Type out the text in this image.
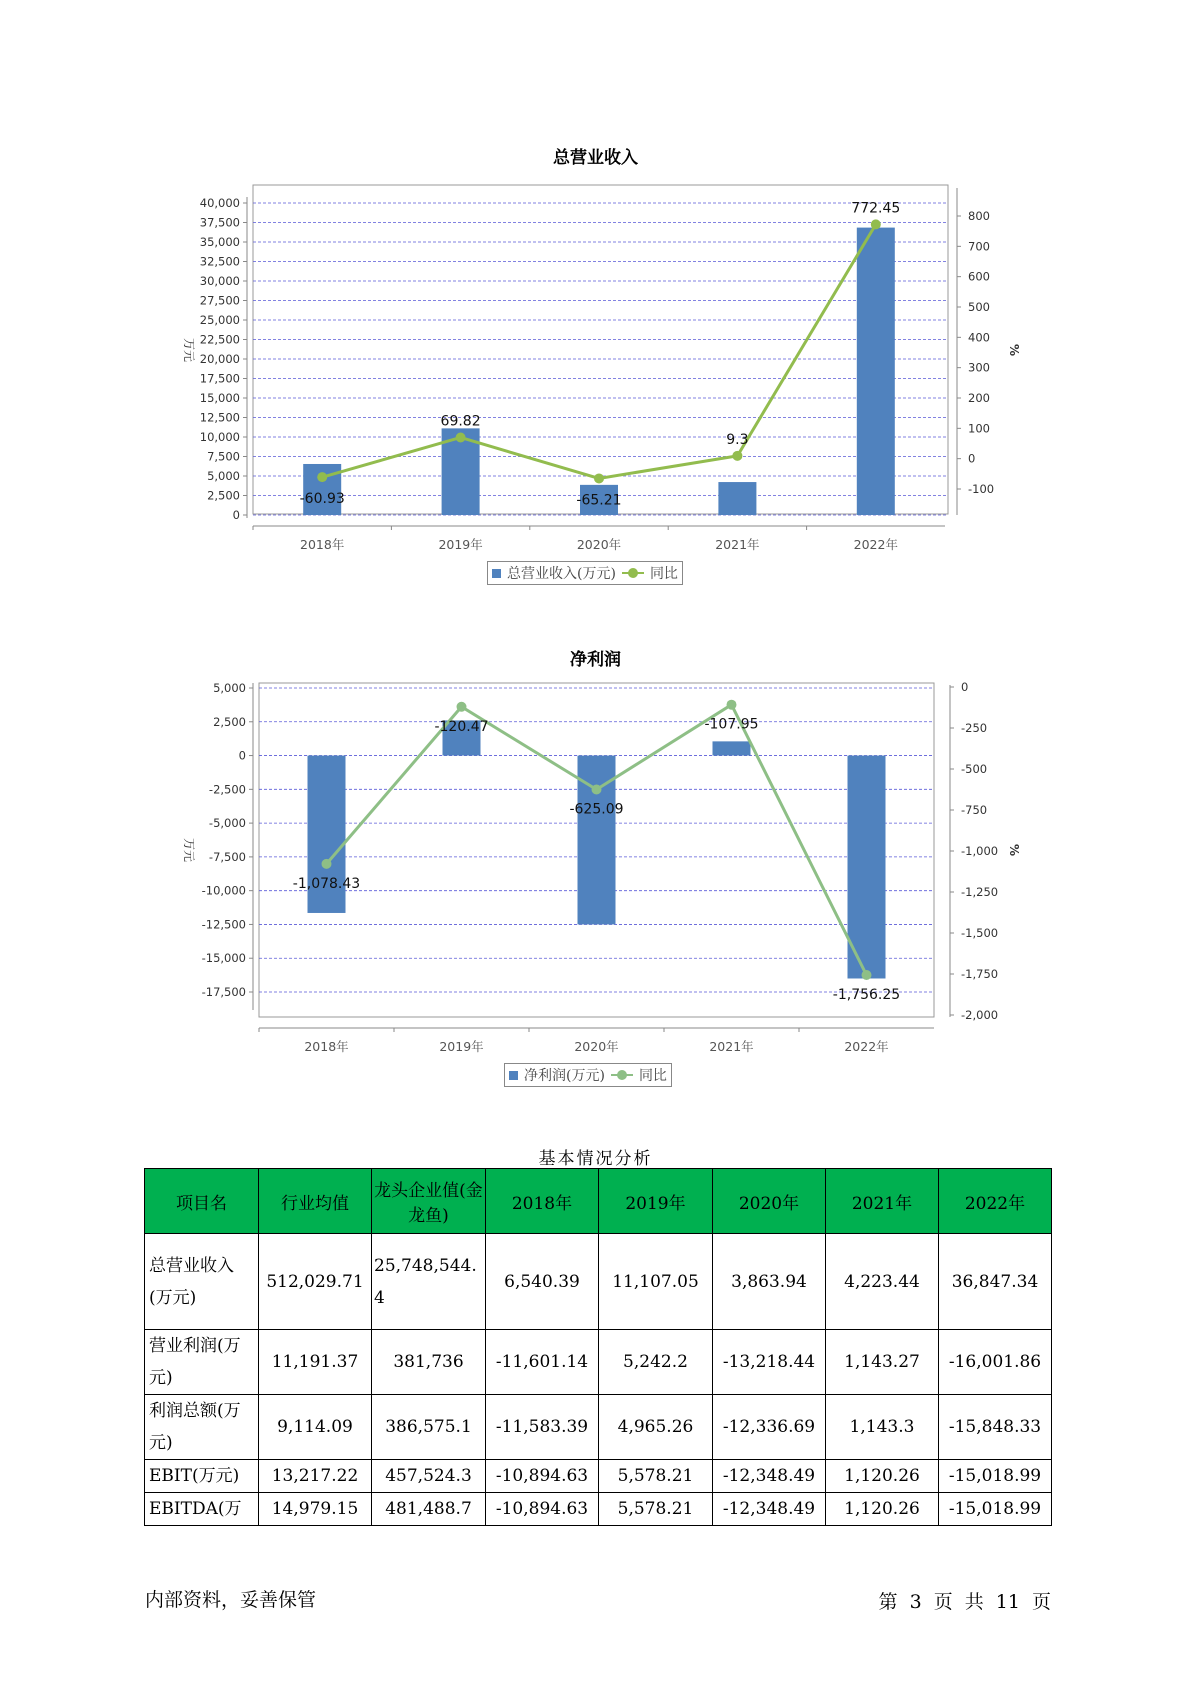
总营业收入
0
2,500
5,000
7,500
10,000
12,500
15,000
17,500
20,000
22,500
25,000
27,500
30,000
32,500
35,000
37,500
40,000
-100
0
100
200
300
400
500
600
700
800
万元	%
2018年	2019年	2020年	2021年	2022年
-60.93
69.82
-65.21
9.3
772.45
总营业收入(万元) 同比
净利润
-17,500
-15,000
-12,500
-10,000
-7,500
-5,000
-2,500
0
2,500
5,000
-2,000
-1,750
-1,500
-1,250
-1,000
-750
-500
-250
0
万元	%
2018年	2019年	2020年	2021年	2022年
-1,078.43
-120.47
-625.09
-107.95
-1,756.25
净利润(万元) 同比
基本情况分析
项目名	行业均值	龙头企业值(金龙鱼)	2018年	2019年	2020年	2021年	2022年
总营业收入(万元)	512,029.71	25,748,544.4	6,540.39	11,107.05	3,863.94	4,223.44	36,847.34
营业利润(万元)	11,191.37	381,736	-11,601.14	5,242.2	-13,218.44	1,143.27	-16,001.86
利润总额(万元)	9,114.09	386,575.1	-11,583.39	4,965.26	-12,336.69	1,143.3	-15,848.33
EBIT(万元)	13,217.22	457,524.3	-10,894.63	5,578.21	-12,348.49	1,120.26	-15,018.99
EBITDA(万	14,979.15	481,488.7	-10,894.63	5,578.21	-12,348.49	1,120.26	-15,018.99
内部资料，妥善保管	第 3 页 共 11 页
